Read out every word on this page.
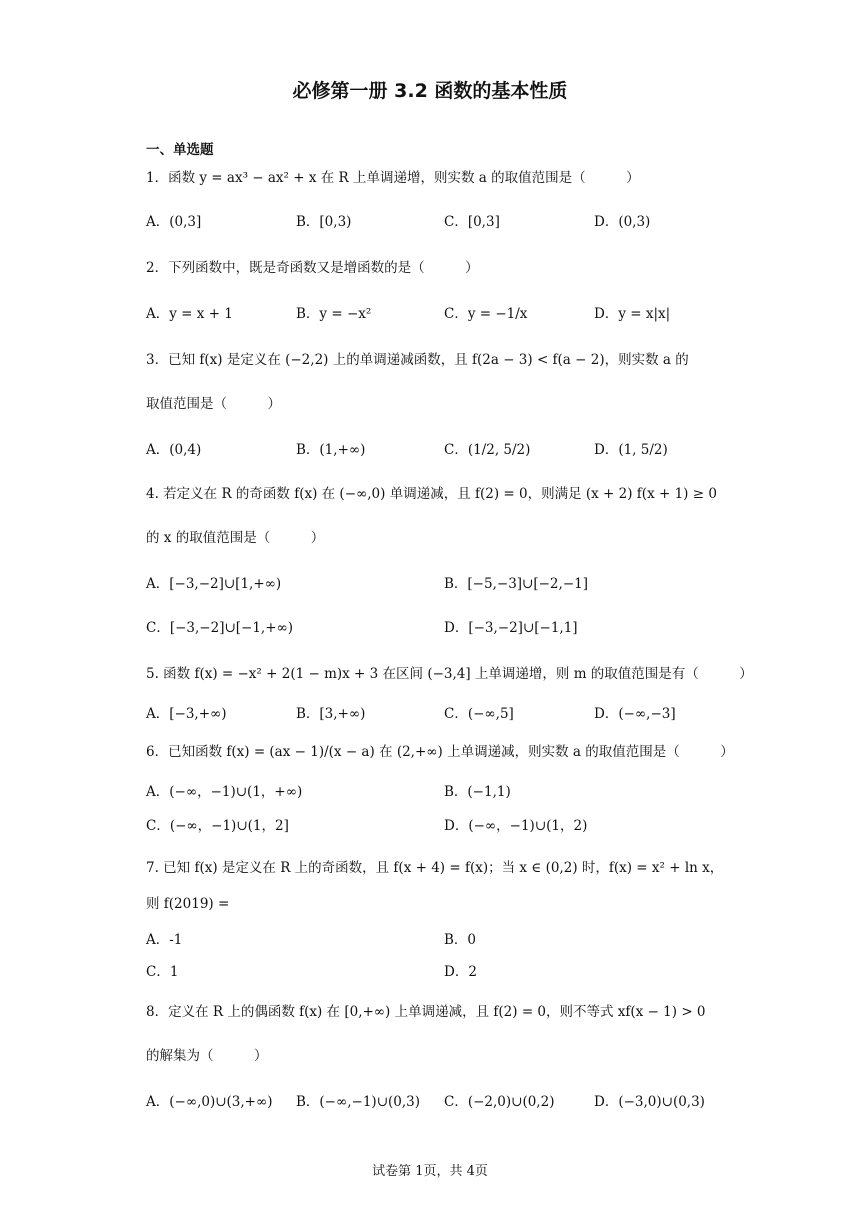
必修第一册 3.2 函数的基本性质
一、单选题
1．函数 y = ax³ − ax² + x 在 R 上单调递增，则实数 a 的取值范围是（　　　）
A．(0,3]	B．[0,3)	C．[0,3]	D．(0,3)
2．下列函数中，既是奇函数又是增函数的是（　　　）
A．y = x + 1	B．y = −x²	C．y = −1/x	D．y = x|x|
3．已知 f(x) 是定义在 (−2,2) 上的单调递减函数，且 f(2a − 3) < f(a − 2)，则实数 a 的
取值范围是（　　　）
A．(0,4)	B．(1,+∞)	C．(1/2, 5/2)	D．(1, 5/2)
4. 若定义在 R 的奇函数 f(x) 在 (−∞,0) 单调递减，且 f(2) = 0，则满足 (x + 2) f(x + 1) ≥ 0
的 x 的取值范围是（　　　）
A．[−3,−2]∪[1,+∞)	B．[−5,−3]∪[−2,−1]
C．[−3,−2]∪[−1,+∞)	D．[−3,−2]∪[−1,1]
5. 函数 f(x) = −x² + 2(1 − m)x + 3 在区间 (−3,4] 上单调递增，则 m 的取值范围是有（　　　）
A．[−3,+∞)	B．[3,+∞)	C．(−∞,5]	D．(−∞,−3]
6．已知函数 f(x) = (ax − 1)/(x − a) 在 (2,+∞) 上单调递减，则实数 a 的取值范围是（　　　）
A．(−∞，−1)∪(1，+∞)	B．(−1,1)
C．(−∞，−1)∪(1，2]	D．(−∞，−1)∪(1，2)
7. 已知 f(x) 是定义在 R 上的奇函数，且 f(x + 4) = f(x)；当 x ∈ (0,2) 时，f(x) = x² + ln x，
则 f(2019) =
A．-1	B．0
C．1	D．2
8．定义在 R 上的偶函数 f(x) 在 [0,+∞) 上单调递减，且 f(2) = 0，则不等式 xf(x − 1) > 0
的解集为（　　　）
A．(−∞,0)∪(3,+∞) B．(−∞,−1)∪(0,3) C．(−2,0)∪(0,2)	D．(−3,0)∪(0,3)
试卷第 1页，共 4页
